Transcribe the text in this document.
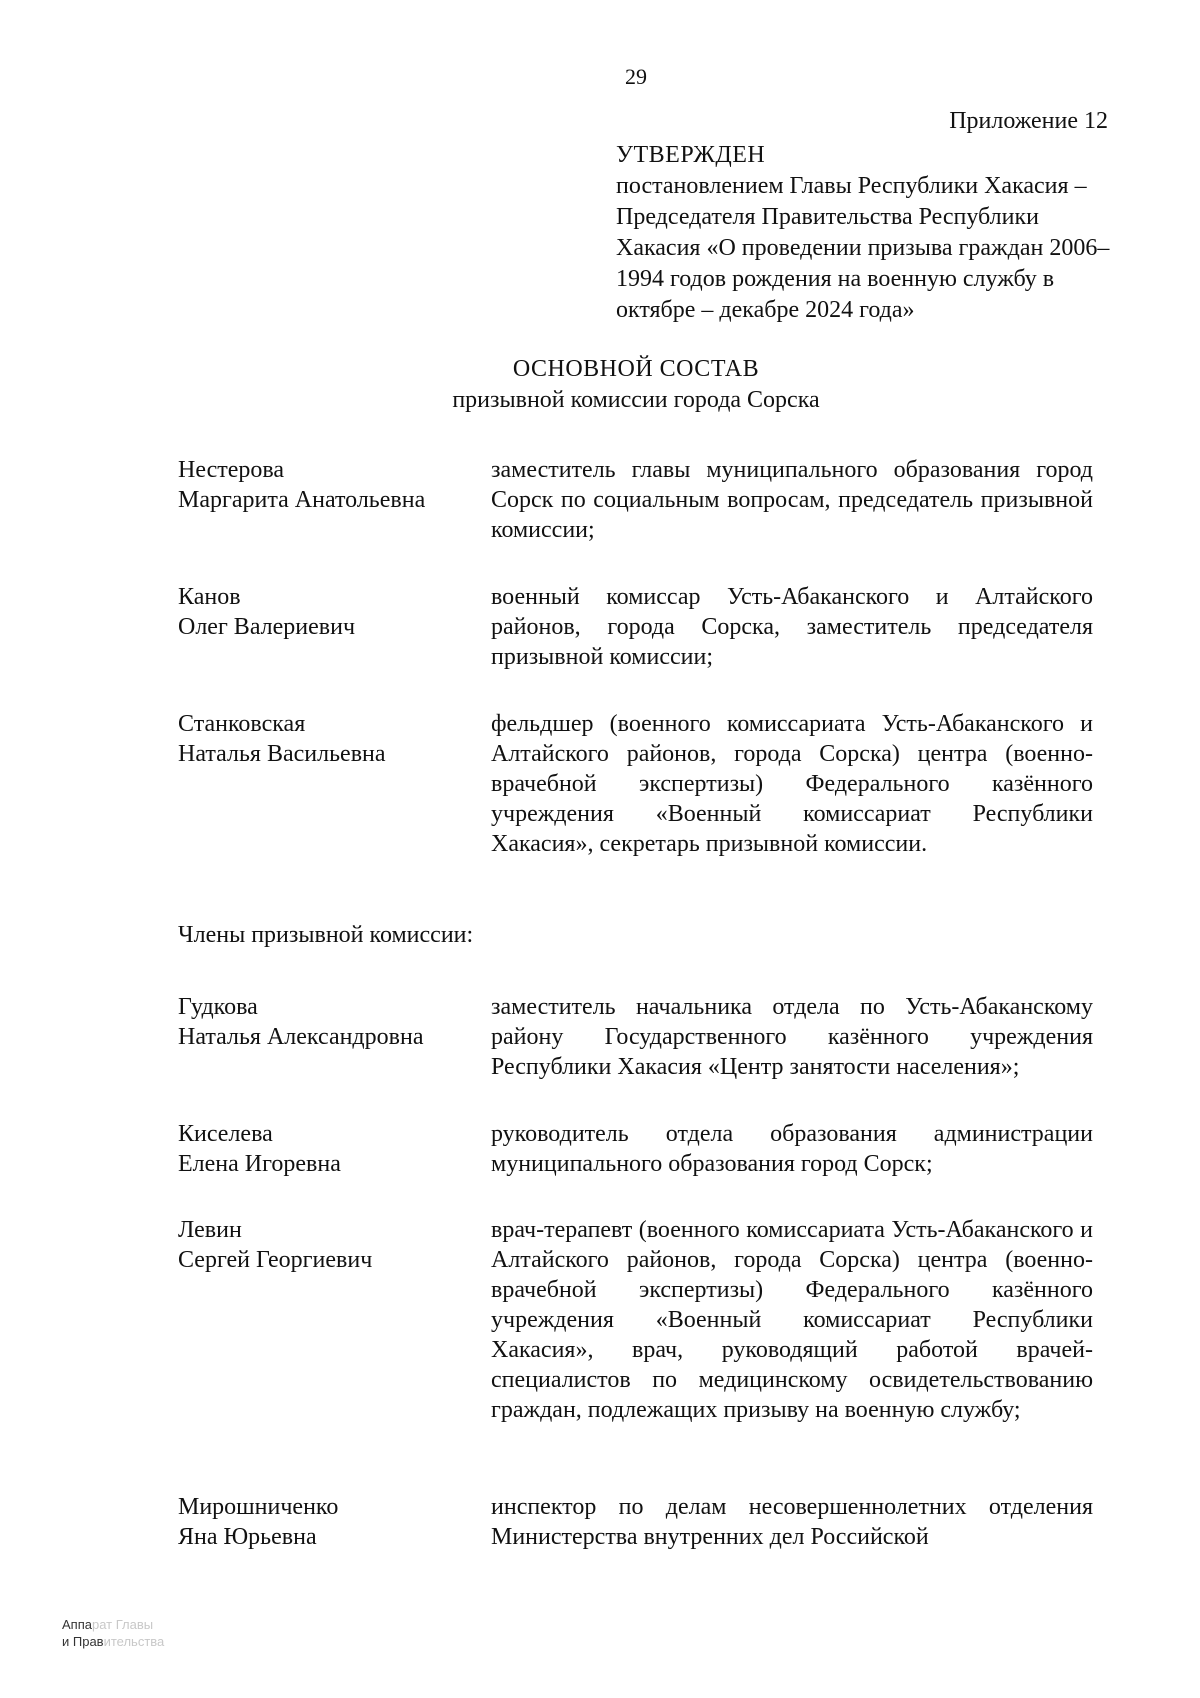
29
Приложение 12
УТВЕРЖДЕН
постановлением Главы Республики Хакасия – Председателя Правительства Республики Хакасия «О проведении призыва граждан 2006–1994 годов рождения на военную службу в октябре – декабре 2024 года»
ОСНОВНОЙ СОСТАВ
призывной комиссии города Сорска
Нестерова
Маргарита Анатольевна
заместитель главы муниципального образования город Сорск по социальным вопросам, председатель призывной комиссии;
Канов
Олег Валериевич
военный комиссар Усть-Абаканского и Алтайского районов, города Сорска, заместитель председателя призывной комиссии;
Станковская
Наталья Васильевна
фельдшер (военного комиссариата Усть-Абаканского и Алтайского районов, города Сорска) центра (военно-врачебной экспертизы) Федерального казённого учреждения «Военный комиссариат Республики Хакасия», секретарь призывной комиссии.
Члены призывной комиссии:
Гудкова
Наталья Александровна
заместитель начальника отдела по Усть-Абаканскому району Государственного казённого учреждения Республики Хакасия «Центр занятости населения»;
Киселева
Елена Игоревна
руководитель отдела образования администрации муниципального образования город Сорск;
Левин
Сергей Георгиевич
врач-терапевт (военного комиссариата Усть-Абаканского и Алтайского районов, города Сорска) центра (военно-врачебной экспертизы) Федерального казённого учреждения «Военный комиссариат Республики Хакасия», врач, руководящий работой врачей-специалистов по медицинскому освидетельствованию граждан, подлежащих призыву на военную службу;
Мирошниченко
Яна Юрьевна
инспектор по делам несовершеннолетних отделения Министерства внутренних дел Российской
Аппарат Главы
и Правительства
